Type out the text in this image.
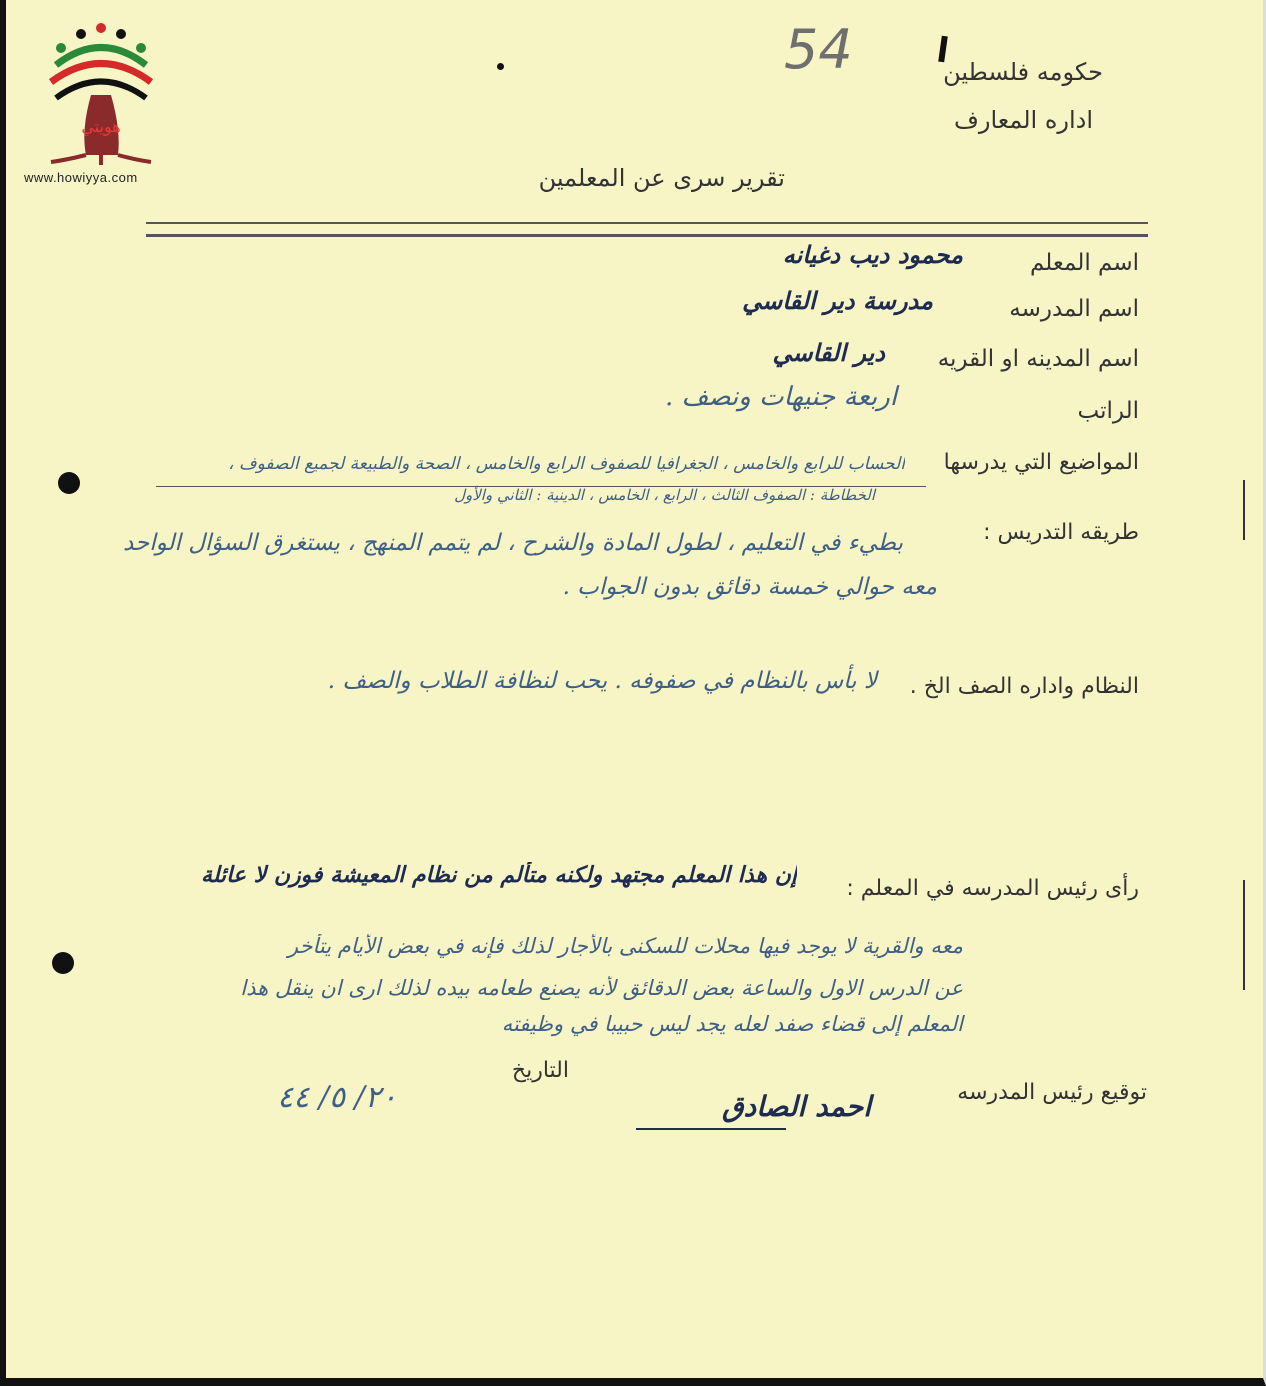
هويتي
www.howiyya.com
54	حكومه فلسطين
اداره المعارف
تقرير سرى عن المعلمين
اسم المعلم
محمود ديب دغيانه
اسم المدرسه
مدرسة دير القاسي
اسم المدينه او القريه
دير القاسي
الراتب
اربعة جنيهات ونصف .
المواضيع التي يدرسها
الحساب للرابع والخامس ، الجغرافيا للصفوف الرابع والخامس ، الصحة والطبيعة لجميع الصفوف ،
الخطاطة : الصفوف الثالث ، الرابع ، الخامس ، الدينية : الثاني والأول
طريقه التدريس :
بطيء في التعليم ، لطول المادة والشرح ، لم يتمم المنهج ، يستغرق السؤال الواحد
معه حوالي خمسة دقائق بدون الجواب .
النظام واداره الصف الخ .
لا بأس بالنظام في صفوفه . يحب لنظافة الطلاب والصف .
رأى رئيس المدرسه في المعلم :
إن هذا المعلم مجتهد ولكنه متألم من نظام المعيشة فوزن لا عائلة
معه والقرية لا يوجد فيها محلات للسكنى بالأجار لذلك فإنه في بعض الأيام يتأخر
عن الدرس الاول والساعة بعض الدقائق لأنه يصنع طعامه بيده لذلك ارى ان ينقل هذا
المعلم إلى قضاء صفد لعله يجد ليس حبيبا في وظيفته
التاريخ
توقيع رئيس المدرسه
احمد الصادق
٢٠/ ٥/ ٤٤
